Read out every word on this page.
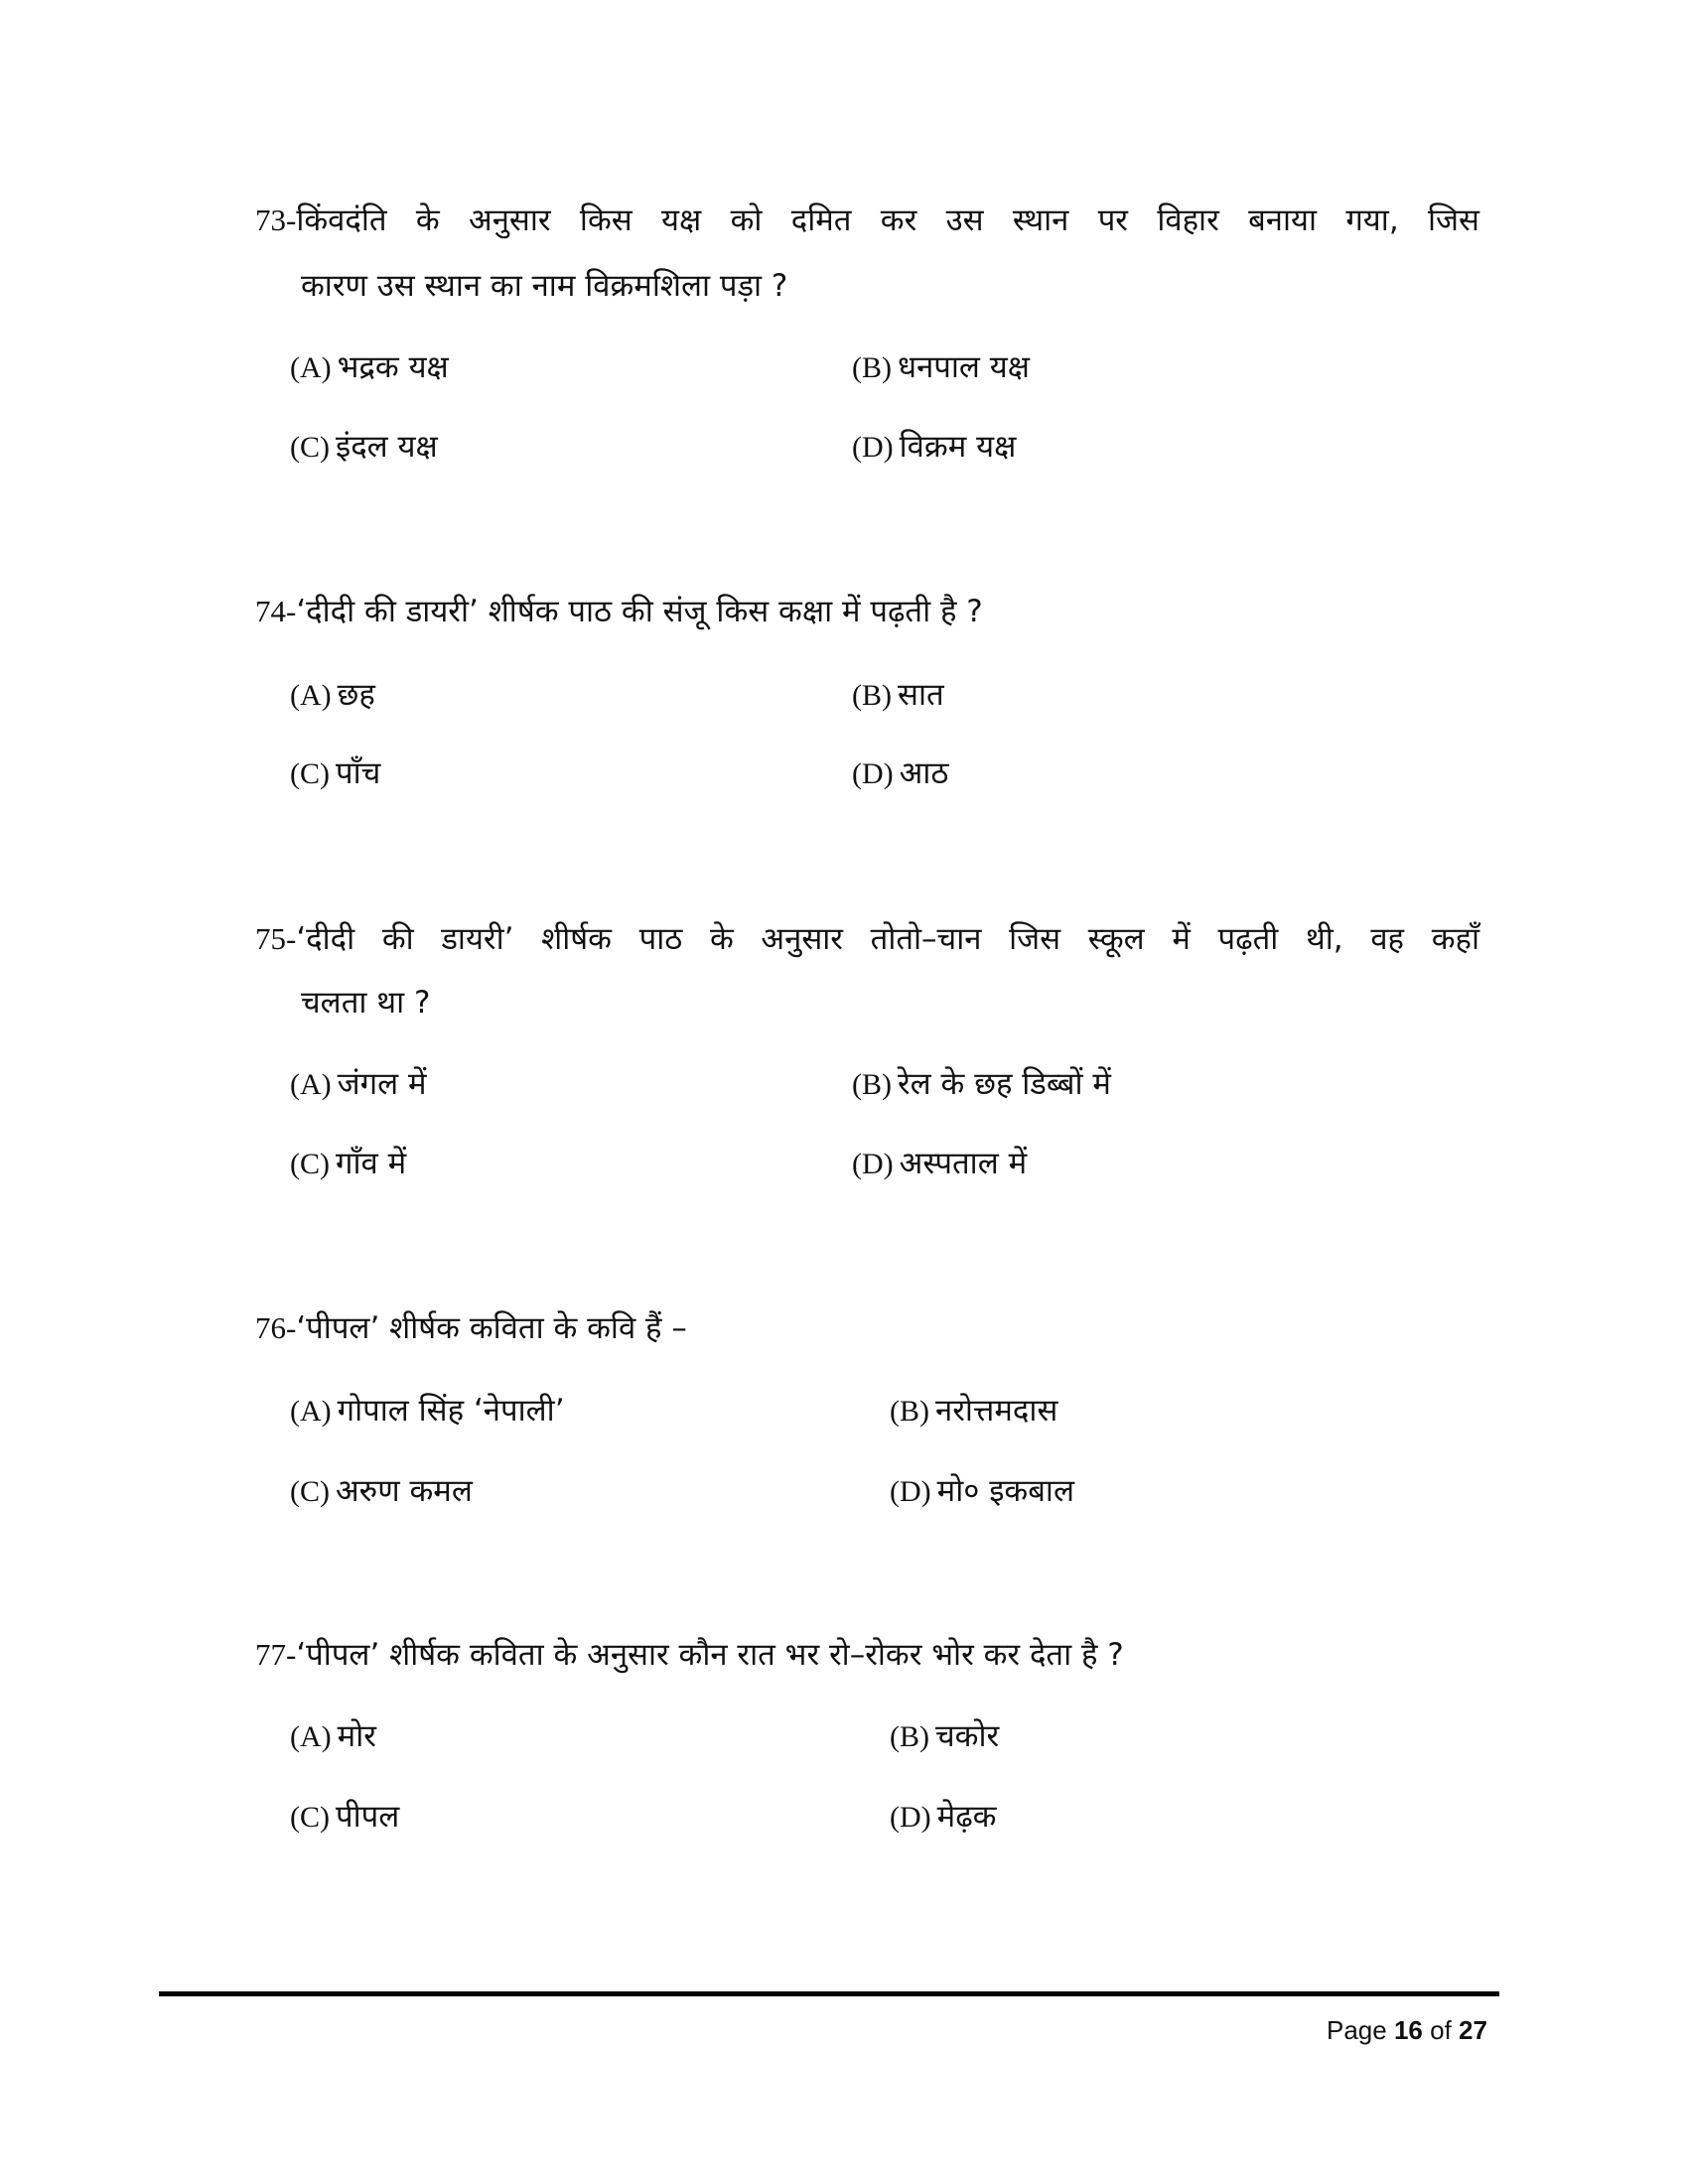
73-किंवदंति के अनुसार किस यक्ष को दमित कर उस स्थान पर विहार बनाया गया, जिस
कारण उस स्थान का नाम विक्रमशिला पड़ा ?
(A) भद्रक यक्ष	(B) धनपाल यक्ष
(C) इंदल यक्ष	(D) विक्रम यक्ष
74-‘दीदी की डायरी’ शीर्षक पाठ की संजू किस कक्षा में पढ़ती है ?
(A) छह	(B) सात
(C) पाँच	(D) आठ
75-‘दीदी की डायरी’ शीर्षक पाठ के अनुसार तोतो–चान जिस स्कूल में पढ़ती थी, वह कहाँ
चलता था ?
(A) जंगल में	(B) रेल के छह डिब्बों में
(C) गाँव में	(D) अस्पताल में
76-‘पीपल’ शीर्षक कविता के कवि हैं –
(A) गोपाल सिंह ‘नेपाली’	(B) नरोत्तमदास
(C) अरुण कमल	(D) मो० इकबाल
77-‘पीपल’ शीर्षक कविता के अनुसार कौन रात भर रो–रोकर भोर कर देता है ?
(A) मोर	(B) चकोर
(C) पीपल	(D) मेढ़क
Page 16 of 27
